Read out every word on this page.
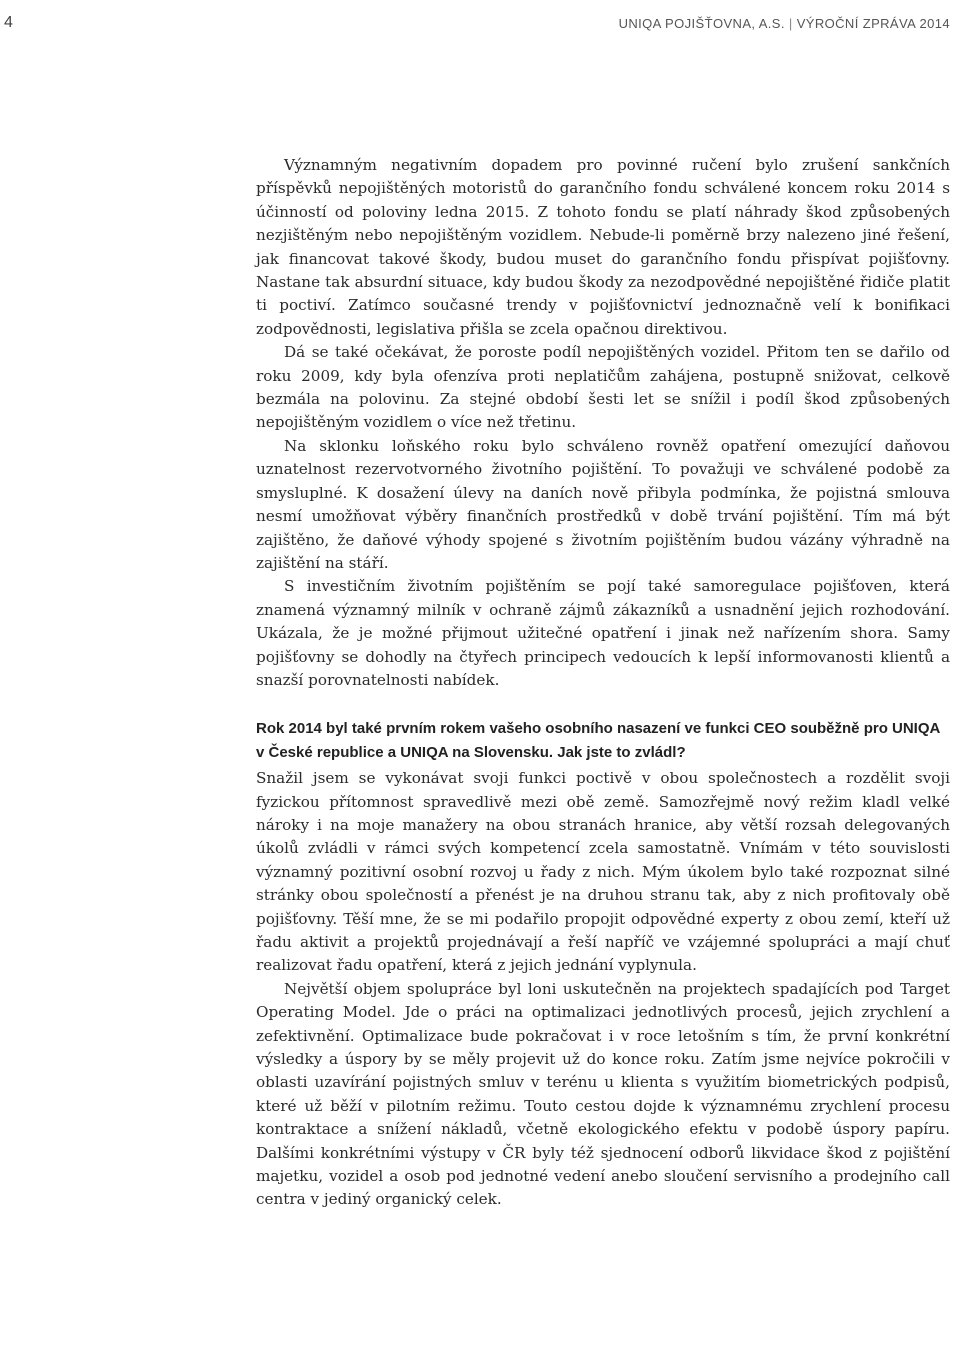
4	UNIQA POJIŠŤOVNA, A.S. | VÝROČNÍ ZPRÁVA 2014

Významným negativním dopadem pro povinné ručení bylo zrušení sankčních příspěvků nepojištěných motoristů do garančního fondu schválené koncem roku 2014 s účinností od poloviny ledna 2015. Z tohoto fondu se platí náhrady škod způsobených nezjištěným nebo nepojištěným vozidlem. Nebude-li poměrně brzy nalezeno jiné řešení, jak financovat takové škody, budou muset do garančního fondu přispívat pojišťovny. Nastane tak absurdní situace, kdy budou škody za nezodpovědné nepojištěné řidiče platit ti poctiví. Zatímco současné trendy v pojišťovnictví jednoznačně velí k bonifikaci zodpovědnosti, legislativa přišla se zcela opačnou direktivou.

Dá se také očekávat, že poroste podíl nepojištěných vozidel. Přitom ten se dařilo od roku 2009, kdy byla ofenzíva proti neplatičům zahájena, postupně snižovat, celkově bezmála na polovinu. Za stejné období šesti let se snížil i podíl škod způsobených nepojištěným vozidlem o více než třetinu.

Na sklonku loňského roku bylo schváleno rovněž opatření omezující daňovou uznatelnost rezervotvorného životního pojištění. To považuji ve schválené podobě za smysluplné. K dosažení úlevy na daních nově přibyla podmínka, že pojistná smlouva nesmí umožňovat výběry finančních prostředků v době trvání pojištění. Tím má být zajištěno, že daňové výhody spojené s životním pojištěním budou vázány výhradně na zajištění na stáří.

S investičním životním pojištěním se pojí také samoregulace pojišťoven, která znamená významný milník v ochraně zájmů zákazníků a usnadnění jejich rozhodování. Ukázala, že je možné přijmout užitečné opatření i jinak než nařízením shora. Samy pojišťovny se dohodly na čtyřech principech vedoucích k lepší informovanosti klientů a snazší porovnatelnosti nabídek.

Rok 2014 byl také prvním rokem vašeho osobního nasazení ve funkci CEO souběžně pro UNIQA v České republice a UNIQA na Slovensku. Jak jste to zvládl?

Snažil jsem se vykonávat svoji funkci poctivě v obou společnostech a rozdělit svoji fyzickou přítomnost spravedlivě mezi obě země. Samozřejmě nový režim kladl velké nároky i na moje manažery na obou stranách hranice, aby větší rozsah delegovaných úkolů zvládli v rámci svých kompetencí zcela samostatně. Vnímám v této souvislosti významný pozitivní osobní rozvoj u řady z nich. Mým úkolem bylo také rozpoznat silné stránky obou společností a přenést je na druhou stranu tak, aby z nich profitovaly obě pojišťovny. Těší mne, že se mi podařilo propojit odpovědné experty z obou zemí, kteří už řadu aktivit a projektů projednávají a řeší napříč ve vzájemné spolupráci a mají chuť realizovat řadu opatření, která z jejich jednání vyplynula.

Největší objem spolupráce byl loni uskutečněn na projektech spadajících pod Target Operating Model. Jde o práci na optimalizaci jednotlivých procesů, jejich zrychlení a zefektivnění. Optimalizace bude pokračovat i v roce letošním s tím, že první konkrétní výsledky a úspory by se měly projevit už do konce roku. Zatím jsme nejvíce pokročili v oblasti uzavírání pojistných smluv v terénu u klienta s využitím biometrických podpisů, které už běží v pilotním režimu. Touto cestou dojde k významnému zrychlení procesu kontraktace a snížení nákladů, včetně ekologického efektu v podobě úspory papíru. Dalšími konkrétními výstupy v ČR byly též sjednocení odborů likvidace škod z pojištění majetku, vozidel a osob pod jednotné vedení anebo sloučení servisního a prodejního call centra v jediný organický celek.
